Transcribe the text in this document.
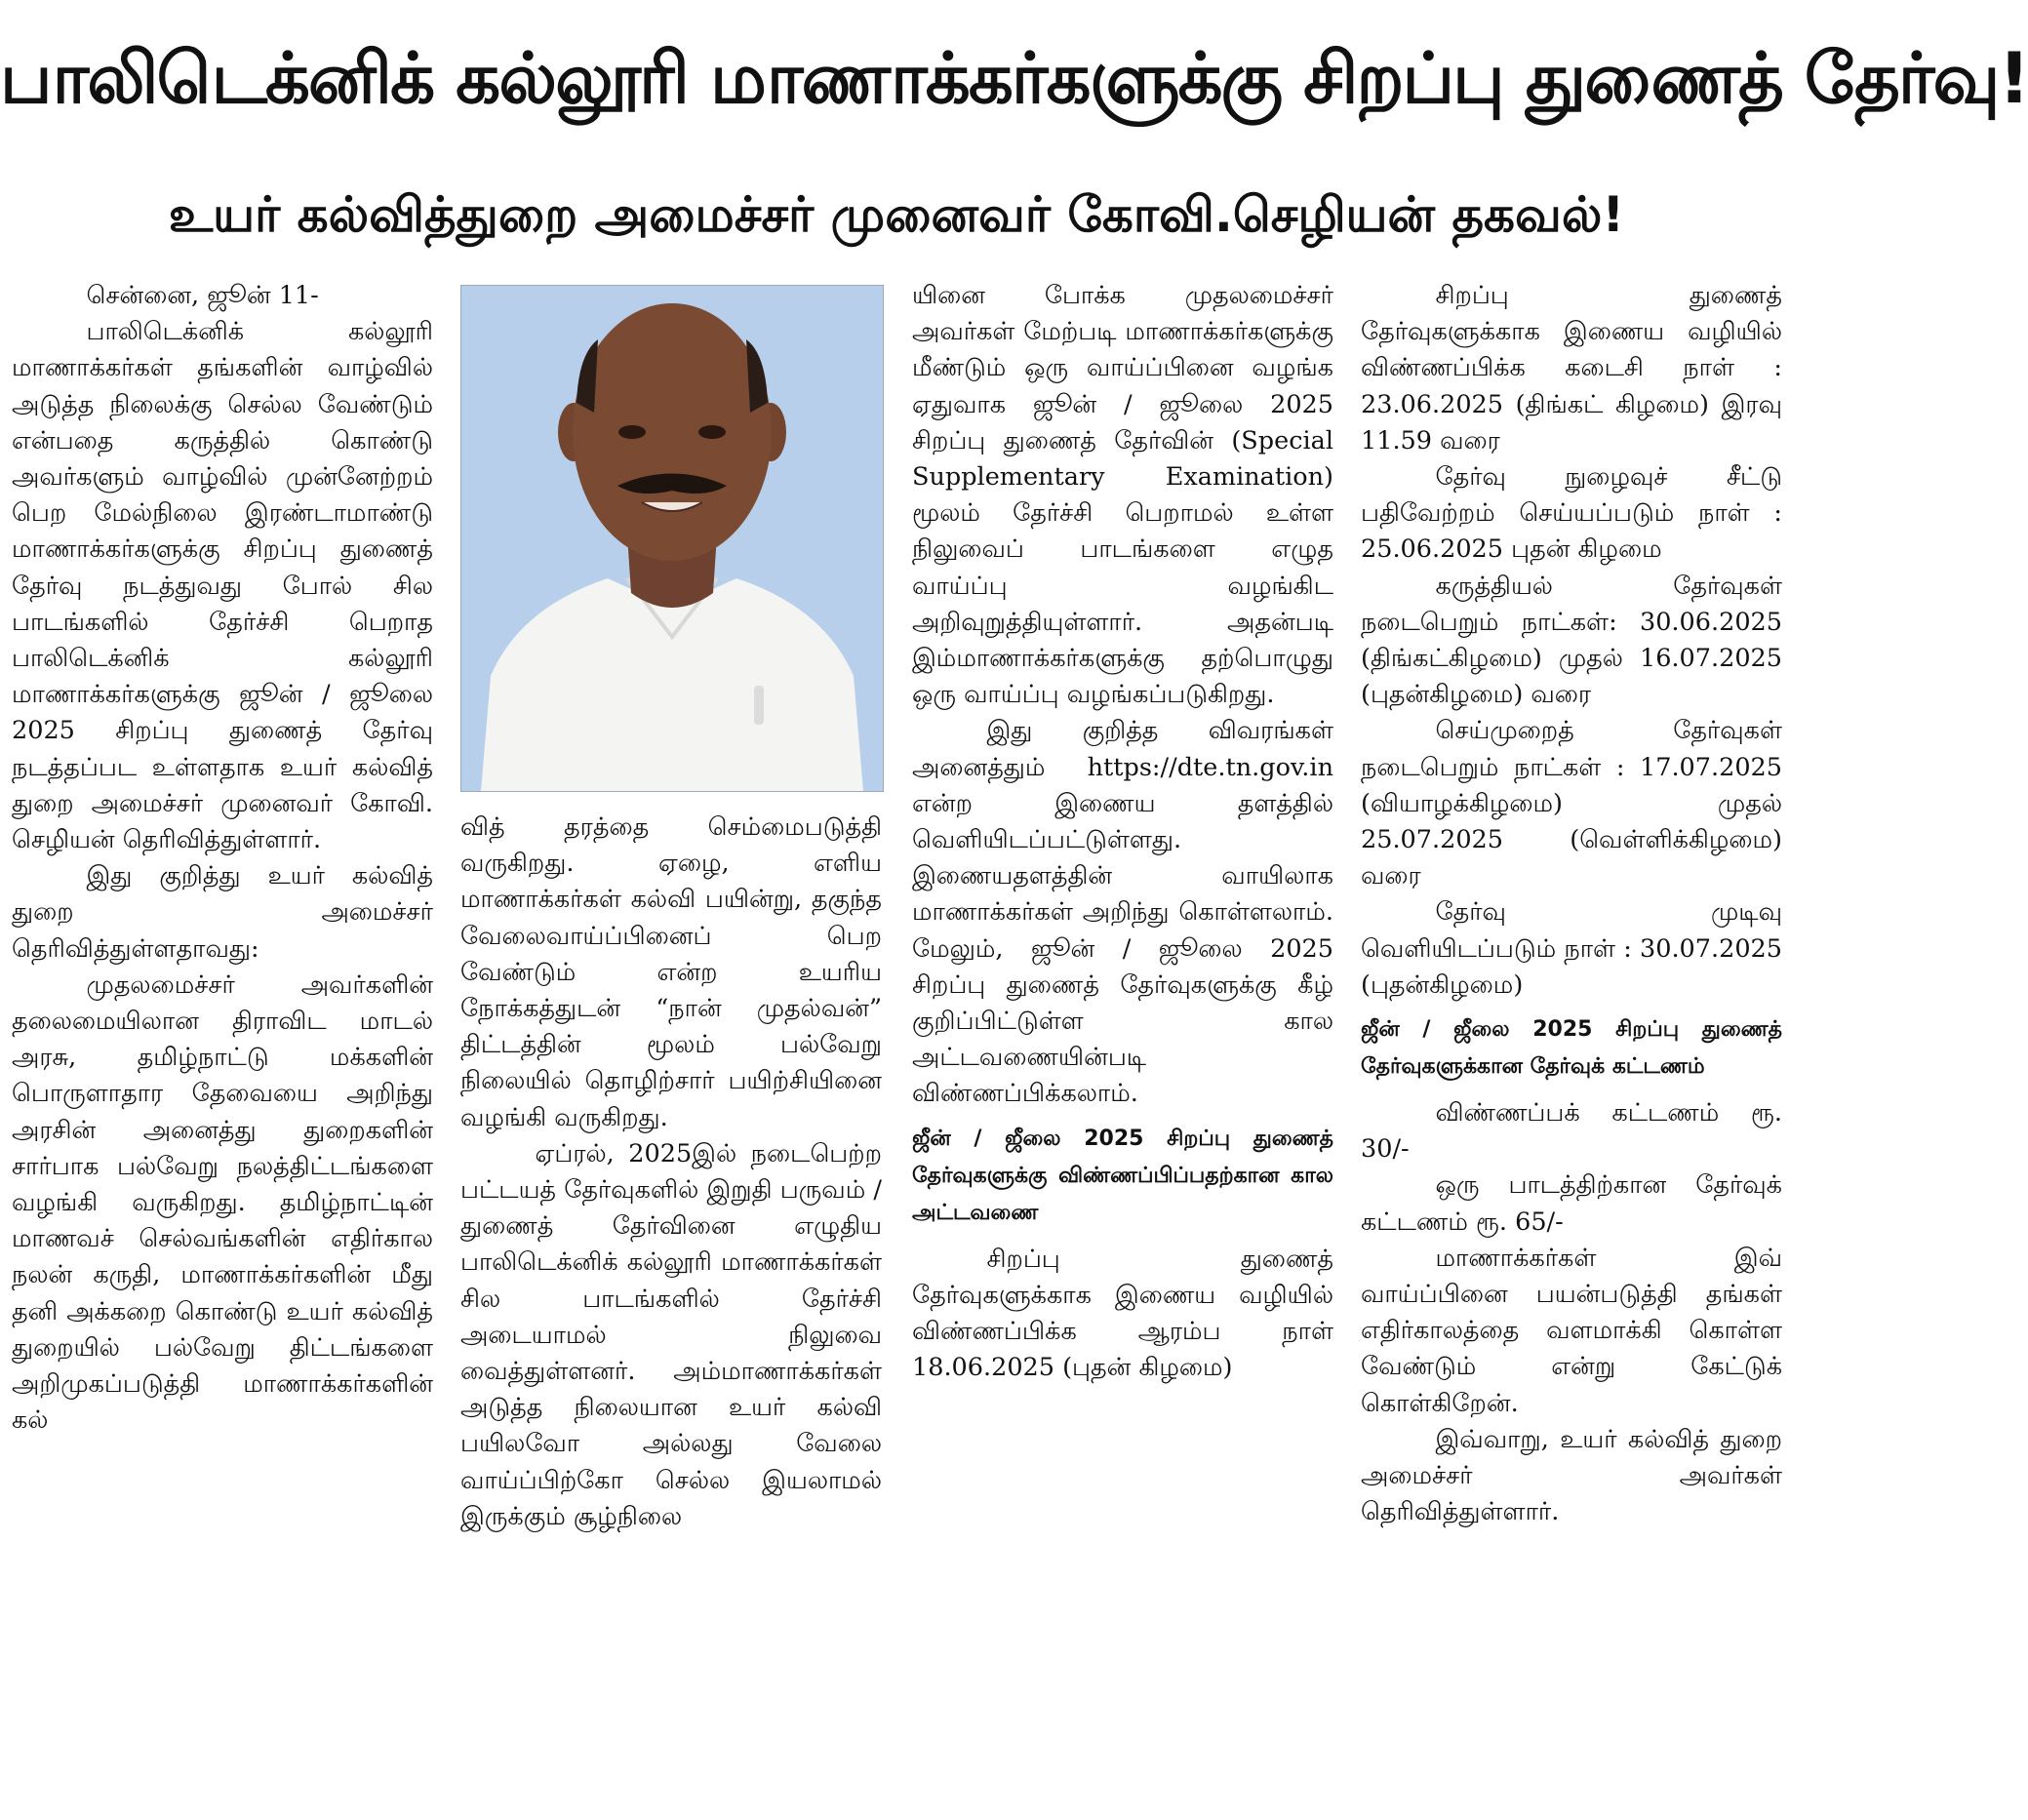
பாலிடெக்னிக் கல்லூரி மாணாக்கர்களுக்கு சிறப்பு துணைத் தேர்வு!
உயர் கல்வித்துறை அமைச்சர் முனைவர் கோவி.செழியன் தகவல்!

சென்னை, ஜூன் 11-

பாலிடெக்னிக் கல்லூரி மாணாக்கர்கள் தங்களின் வாழ்வில் அடுத்த நிலைக்கு செல்ல வேண்டும் என்பதை கருத்தில் கொண்டு அவர்களும் வாழ்வில் முன்னேற்றம் பெற மேல்நிலை இரண்டாமாண்டு மாணாக்கர்களுக்கு சிறப்பு துணைத் தேர்வு நடத்துவது போல் சில பாடங்களில் தேர்ச்சி பெறாத பாலிடெக்னிக் கல்லூரி மாணாக்கர்களுக்கு ஜூன் / ஜூலை 2025 சிறப்பு துணைத் தேர்வு நடத்தப்பட உள்ளதாக உயர் கல்வித் துறை அமைச்சர் முனைவர் கோவி. செழியன் தெரிவித்துள்ளார்.

இது குறித்து உயர் கல்வித் துறை அமைச்சர் தெரிவித்துள்ளதாவது:

முதலமைச்சர் அவர்களின் தலைமையிலான திராவிட மாடல் அரசு, தமிழ்நாட்டு மக்களின் பொருளாதார தேவையை அறிந்து அரசின் அனைத்து துறைகளின் சார்பாக பல்வேறு நலத்திட்டங்களை வழங்கி வருகிறது. தமிழ்நாட்டின் மாணவச் செல்வங்களின் எதிர்கால நலன் கருதி, மாணாக்கர்களின் மீது தனி அக்கறை கொண்டு உயர் கல்வித் துறையில் பல்வேறு திட்டங்களை அறிமுகப்படுத்தி மாணாக்கர்களின் கல்

வித் தரத்தை செம்மைபடுத்தி வருகிறது. ஏழை, எளிய மாணாக்கர்கள் கல்வி பயின்று, தகுந்த வேலைவாய்ப்பினைப் பெற வேண்டும் என்ற உயரிய நோக்கத்துடன் “நான் முதல்வன்” திட்டத்தின் மூலம் பல்வேறு நிலையில் தொழிற்சார் பயிற்சியினை வழங்கி வருகிறது.

ஏப்ரல், 2025இல் நடைபெற்ற பட்டயத் தேர்வுகளில் இறுதி பருவம் / துணைத் தேர்வினை எழுதிய பாலிடெக்னிக் கல்லூரி மாணாக்கர்கள் சில பாடங்களில் தேர்ச்சி அடையாமல் நிலுவை வைத்துள்ளனர். அம்மாணாக்கர்கள் அடுத்த நிலையான உயர் கல்வி பயிலவோ அல்லது வேலை வாய்ப்பிற்கோ செல்ல இயலாமல் இருக்கும் சூழ்நிலை

யினை போக்க முதலமைச்சர் அவர்கள் மேற்படி மாணாக்கர்களுக்கு மீண்டும் ஒரு வாய்ப்பினை வழங்க ஏதுவாக ஜூன் / ஜூலை 2025 சிறப்பு துணைத் தேர்வின் (Special Supplementary Examination) மூலம் தேர்ச்சி பெறாமல் உள்ள நிலுவைப் பாடங்களை எழுத வாய்ப்பு வழங்கிட அறிவுறுத்தியுள்ளார். அதன்படி இம்மாணாக்கர்களுக்கு தற்பொழுது ஒரு வாய்ப்பு வழங்கப்படுகிறது.

இது குறித்த விவரங்கள் அனைத்தும் https://dte.tn.gov.in என்ற இணைய தளத்தில் வெளியிடப்பட்டுள்ளது. இணையதளத்தின் வாயிலாக மாணாக்கர்கள் அறிந்து கொள்ளலாம். மேலும், ஜூன் / ஜூலை 2025 சிறப்பு துணைத் தேர்வுகளுக்கு கீழ் குறிப்பிட்டுள்ள கால அட்டவணையின்படி விண்ணப்பிக்கலாம்.

ஜீன் / ஜீலை 2025 சிறப்பு துணைத் தேர்வுகளுக்கு விண்ணப்பிப்பதற்கான கால அட்டவணை

சிறப்பு துணைத் தேர்வுகளுக்காக இணைய வழியில் விண்ணப்பிக்க ஆரம்ப நாள் 18.06.2025 (புதன் கிழமை)

சிறப்பு துணைத் தேர்வுகளுக்காக இணைய வழியில் விண்ணப்பிக்க கடைசி நாள் : 23.06.2025 (திங்கட் கிழமை) இரவு 11.59 வரை

தேர்வு நுழைவுச் சீட்டு பதிவேற்றம் செய்யப்படும் நாள் : 25.06.2025 புதன் கிழமை

கருத்தியல் தேர்வுகள் நடைபெறும் நாட்கள்: 30.06.2025 (திங்கட்கிழமை) முதல் 16.07.2025 (புதன்கிழமை) வரை

செய்முறைத் தேர்வுகள் நடைபெறும் நாட்கள் : 17.07.2025 (வியாழக்கிழமை) முதல் 25.07.2025 (வெள்ளிக்கிழமை) வரை

தேர்வு முடிவு வெளியிடப்படும் நாள் : 30.07.2025 (புதன்கிழமை)

ஜீன் / ஜீலை 2025 சிறப்பு துணைத் தேர்வுகளுக்கான தேர்வுக் கட்டணம்

விண்ணப்பக் கட்டணம் ரூ. 30/-

ஒரு பாடத்திற்கான தேர்வுக் கட்டணம் ரூ. 65/-

மாணாக்கர்கள் இவ் வாய்ப்பினை பயன்படுத்தி தங்கள் எதிர்காலத்தை வளமாக்கி கொள்ள வேண்டும் என்று கேட்டுக் கொள்கிறேன்.

இவ்வாறு, உயர் கல்வித் துறை அமைச்சர் அவர்கள் தெரிவித்துள்ளார்.
